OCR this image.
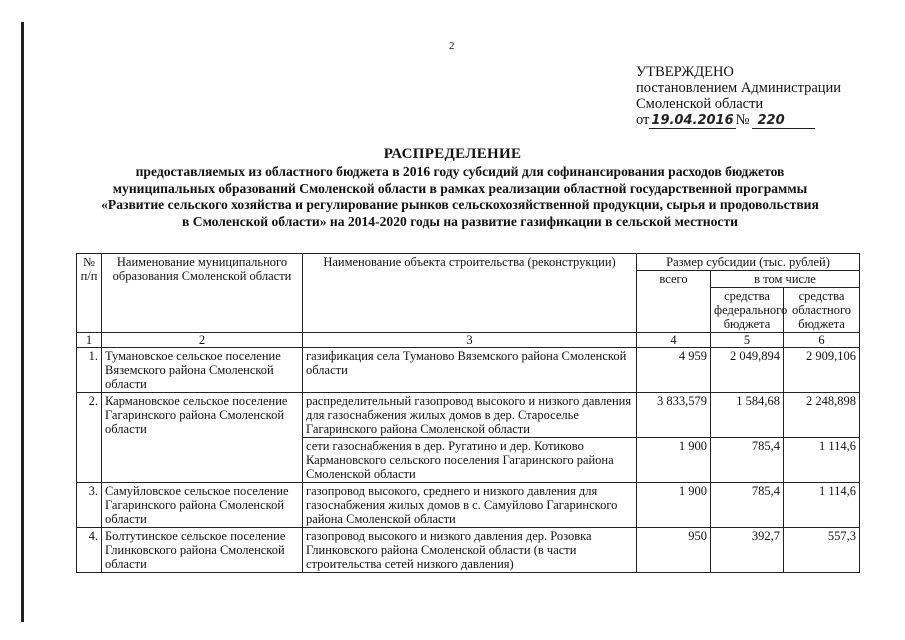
2
УТВЕРЖДЕНО
постановлением Администрации
Смоленской области
от 19.04.2016 № 220
РАСПРЕДЕЛЕНИЕ
предоставляемых из областного бюджета в 2016 году субсидий для софинансирования расходов бюджетов
муниципальных образований Смоленской области в рамках реализации областной государственной программы
«Развитие сельского хозяйства и регулирование рынков сельскохозяйственной продукции, сырья и продовольствия
в Смоленской области» на 2014-2020 годы на развитие газификации в сельской местности
№ п/п	Наименование муниципального образования Смоленской области	Наименование объекта строительства (реконструкции)	Размер субсидии (тыс. рублей)		
			всего	в том числе	
				средства федерального бюджета	средства областного бюджета
1	2	3	4	5	6
1.	Тумановское сельское поселение Вяземского района Смоленской области	газификация села Туманово Вяземского района Смоленской области	4 959	2 049,894	2 909,106
2.	Кармановское сельское поселение Гагаринского района Смоленской области	распределительный газопровод высокого и низкого давления для газоснабжения жилых домов в дер. Староселье Гагаринского района Смоленской области	3 833,579	1 584,68	2 248,898
		сети газоснабжения в дер. Ругатино и дер. Котиково Кармановского сельского поселения Гагаринского района Смоленской области	1 900	785,4	1 114,6
3.	Самуйловское сельское поселение Гагаринского района Смоленской области	газопровод высокого, среднего и низкого давления для газоснабжения жилых домов в с. Самуйлово Гагаринского района Смоленской области	1 900	785,4	1 114,6
4.	Болтутинское сельское поселение Глинковского района Смоленской области	газопровод высокого и низкого давления дер. Розовка Глинковского района Смоленской области (в части строительства сетей низкого давления)	950	392,7	557,3
